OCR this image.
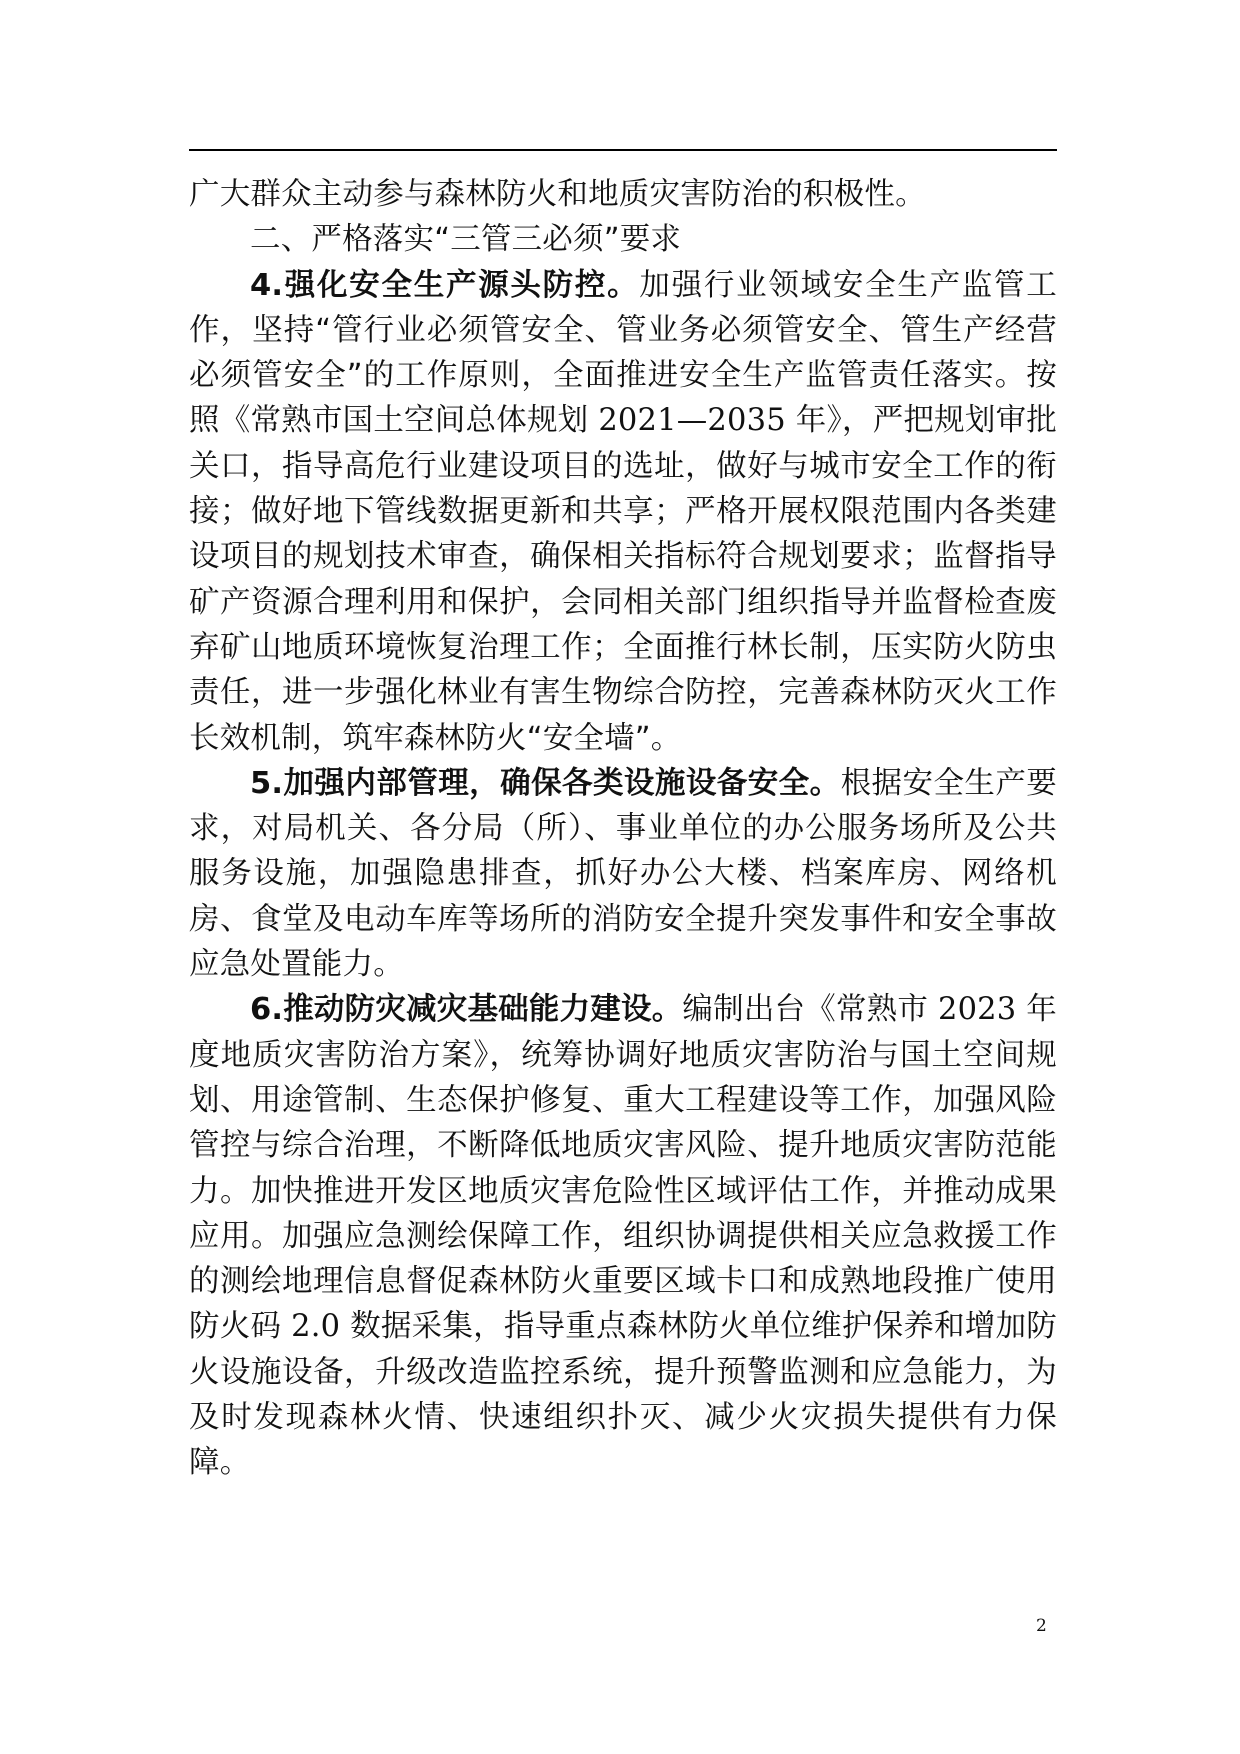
广大群众主动参与森林防火和地质灾害防治的积极性。

二、严格落实“三管三必须”要求

4.强化安全生产源头防控。加强行业领域安全生产监管工作，坚持“管行业必须管安全、管业务必须管安全、管生产经营必须管安全”的工作原则，全面推进安全生产监管责任落实。按照《常熟市国土空间总体规划 2021—2035 年》，严把规划审批关口，指导高危行业建设项目的选址，做好与城市安全工作的衔接；做好地下管线数据更新和共享；严格开展权限范围内各类建设项目的规划技术审查，确保相关指标符合规划要求；监督指导矿产资源合理利用和保护，会同相关部门组织指导并监督检查废弃矿山地质环境恢复治理工作；全面推行林长制，压实防火防虫责任，进一步强化林业有害生物综合防控，完善森林防灭火工作长效机制，筑牢森林防火“安全墙”。

5.加强内部管理，确保各类设施设备安全。根据安全生产要求，对局机关、各分局（所）、事业单位的办公服务场所及公共服务设施，加强隐患排查，抓好办公大楼、档案库房、网络机房、食堂及电动车库等场所的消防安全提升突发事件和安全事故应急处置能力。

6.推动防灾减灾基础能力建设。编制出台《常熟市 2023 年度地质灾害防治方案》，统筹协调好地质灾害防治与国土空间规划、用途管制、生态保护修复、重大工程建设等工作，加强风险管控与综合治理，不断降低地质灾害风险、提升地质灾害防范能力。加快推进开发区地质灾害危险性区域评估工作，并推动成果应用。加强应急测绘保障工作，组织协调提供相关应急救援工作的测绘地理信息督促森林防火重要区域卡口和成熟地段推广使用防火码 2.0 数据采集，指导重点森林防火单位维护保养和增加防火设施设备，升级改造监控系统，提升预警监测和应急能力，为及时发现森林火情、快速组织扑灭、减少火灾损失提供有力保障。

2
